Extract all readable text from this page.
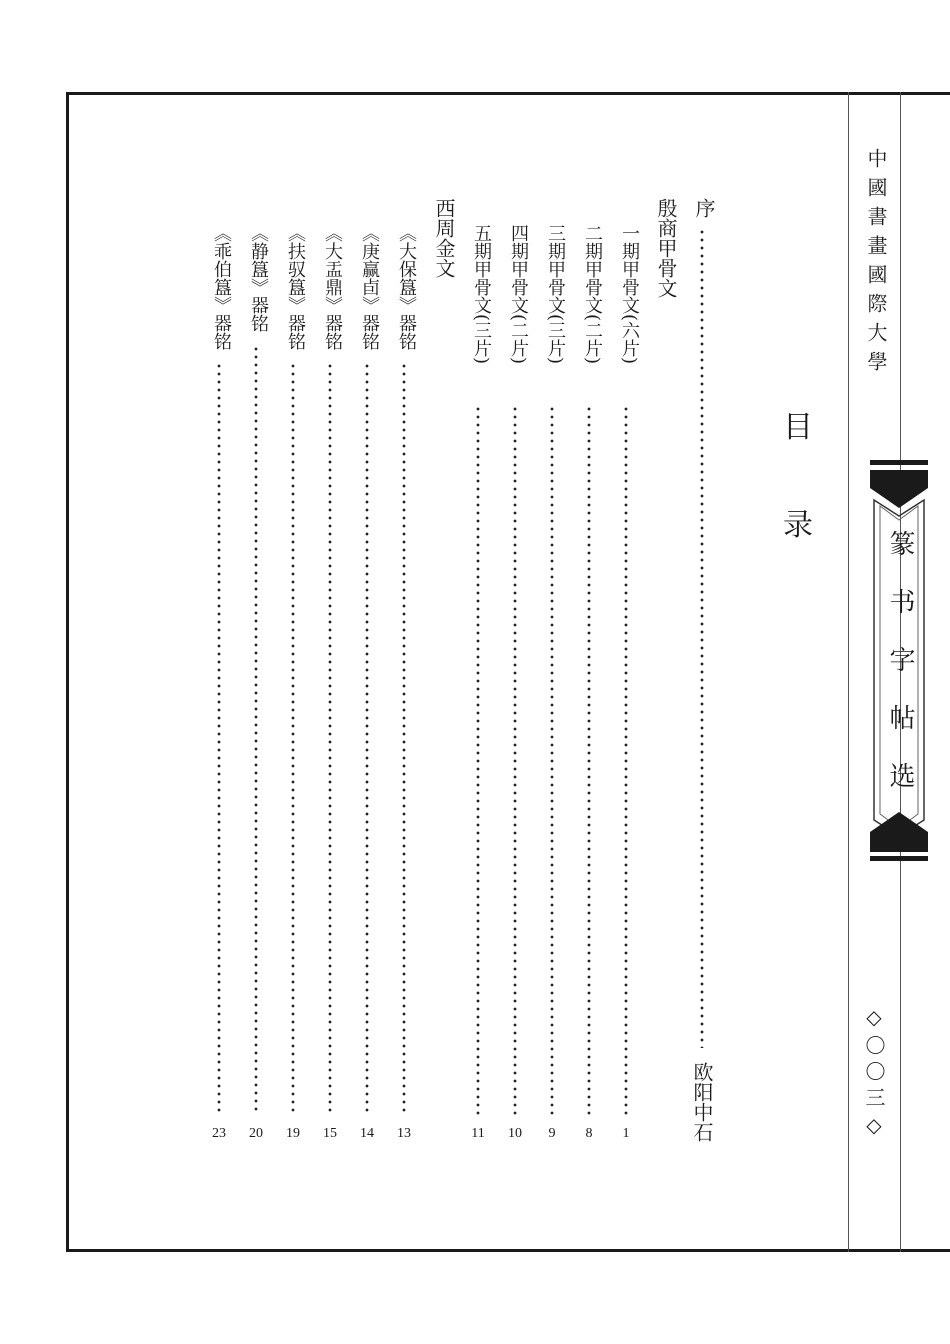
目
录
序
欧阳中石
殷商甲骨文
西周金文	一期甲骨文(六片)
1
二期甲骨文(二片)
8
三期甲骨文(三片)
9
四期甲骨文(二片)
10
五期甲骨文(三片)
11
《大保簋》器铭
13
《庚赢卣》器铭
14
《大盂鼎》器铭
15
《扶驭簋》器铭
19
《静簋》器铭
20
《乖伯簋》器铭
23
中國書畫國際大學
篆书字帖选
◇〇〇三◇
